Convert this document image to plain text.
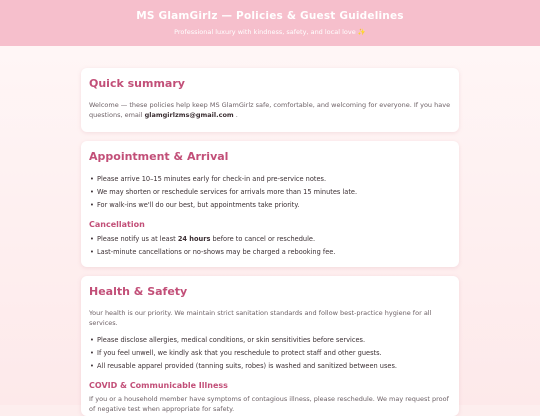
MS GlamGirlz — Policies & Guest Guidelines
Professional luxury with kindness, safety, and local love ✨
Quick summary

Welcome — these policies help keep MS GlamGirlz safe, comfortable, and welcoming for everyone. If you have questions, email glamgirlzms@gmail.com .

Appointment & Arrival
• Please arrive 10–15 minutes early for check-in and pre-service notes.
• We may shorten or reschedule services for arrivals more than 15 minutes late.
• For walk-ins we'll do our best, but appointments take priority.
Cancellation
• Please notify us at least 24 hours before to cancel or reschedule.
• Last-minute cancellations or no-shows may be charged a rebooking fee.
Health & Safety

Your health is our priority. We maintain strict sanitation standards and follow best-practice hygiene for all services.

• Please disclose allergies, medical conditions, or skin sensitivities before services.
• If you feel unwell, we kindly ask that you reschedule to protect staff and other guests.
• All reusable apparel provided (tanning suits, robes) is washed and sanitized between uses.
COVID & Communicable Illness

If you or a household member have symptoms of contagious illness, please reschedule. We may request proof of negative test when appropriate for safety.
